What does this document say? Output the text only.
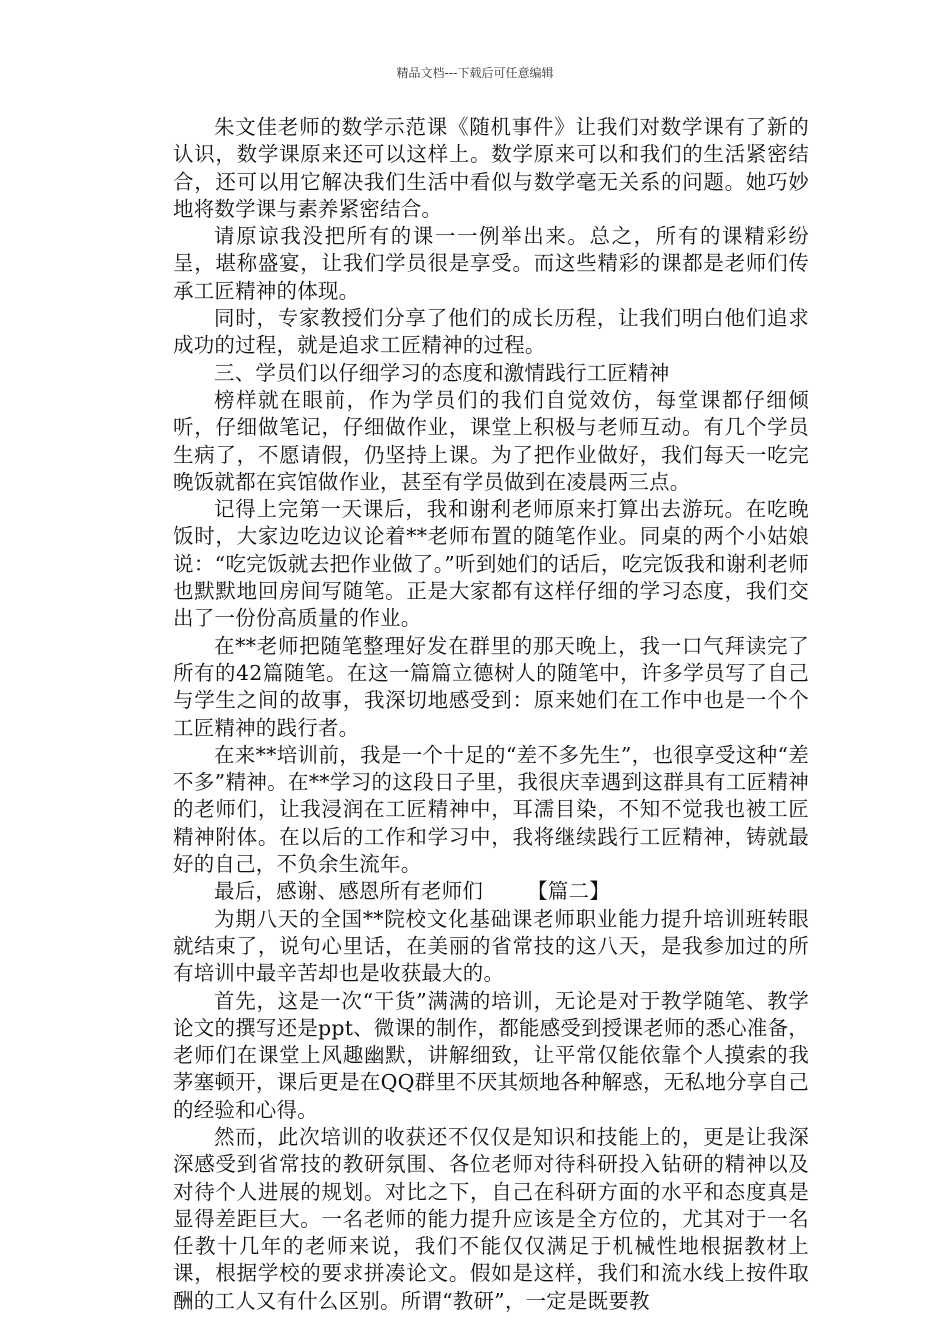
精品文档---下载后可任意编辑

朱文佳老师的数学示范课《随机事件》让我们对数学课有了新的认识，数学课原来还可以这样上。数学原来可以和我们的生活紧密结合，还可以用它解决我们生活中看似与数学毫无关系的问题。她巧妙地将数学课与素养紧密结合。

请原谅我没把所有的课一一例举出来。总之，所有的课精彩纷呈，堪称盛宴，让我们学员很是享受。而这些精彩的课都是老师们传承工匠精神的体现。

同时，专家教授们分享了他们的成长历程，让我们明白他们追求成功的过程，就是追求工匠精神的过程。

三、学员们以仔细学习的态度和激情践行工匠精神

榜样就在眼前，作为学员们的我们自觉效仿，每堂课都仔细倾听，仔细做笔记，仔细做作业，课堂上积极与老师互动。有几个学员生病了，不愿请假，仍坚持上课。为了把作业做好，我们每天一吃完晚饭就都在宾馆做作业，甚至有学员做到在凌晨两三点。

记得上完第一天课后，我和谢利老师原来打算出去游玩。在吃晚饭时，大家边吃边议论着**老师布置的随笔作业。同桌的两个小姑娘说：“吃完饭就去把作业做了。”听到她们的话后，吃完饭我和谢利老师也默默地回房间写随笔。正是大家都有这样仔细的学习态度，我们交出了一份份高质量的作业。

在**老师把随笔整理好发在群里的那天晚上，我一口气拜读完了所有的42篇随笔。在这一篇篇立德树人的随笔中，许多学员写了自己与学生之间的故事，我深切地感受到：原来她们在工作中也是一个个工匠精神的践行者。

在来**培训前，我是一个十足的“差不多先生”，也很享受这种“差不多”精神。在**学习的这段日子里，我很庆幸遇到这群具有工匠精神的老师们，让我浸润在工匠精神中，耳濡目染，不知不觉我也被工匠精神附体。在以后的工作和学习中，我将继续践行工匠精神，铸就最好的自己，不负余生流年。

最后，感谢、感恩所有老师们 【篇二】

为期八天的全国**院校文化基础课老师职业能力提升培训班转眼就结束了，说句心里话，在美丽的省常技的这八天，是我参加过的所有培训中最辛苦却也是收获最大的。

首先，这是一次“干货”满满的培训，无论是对于教学随笔、教学论文的撰写还是ppt、微课的制作，都能感受到授课老师的悉心准备，老师们在课堂上风趣幽默，讲解细致，让平常仅能依靠个人摸索的我茅塞顿开，课后更是在QQ群里不厌其烦地各种解惑，无私地分享自己的经验和心得。

然而，此次培训的收获还不仅仅是知识和技能上的，更是让我深深感受到省常技的教研氛围、各位老师对待科研投入钻研的精神以及对待个人进展的规划。对比之下，自己在科研方面的水平和态度真是显得差距巨大。一名老师的能力提升应该是全方位的，尤其对于一名任教十几年的老师来说，我们不能仅仅满足于机械性地根据教材上课，根据学校的要求拼凑论文。假如是这样，我们和流水线上按件取酬的工人又有什么区别。所谓“教研”，一定是既要教
